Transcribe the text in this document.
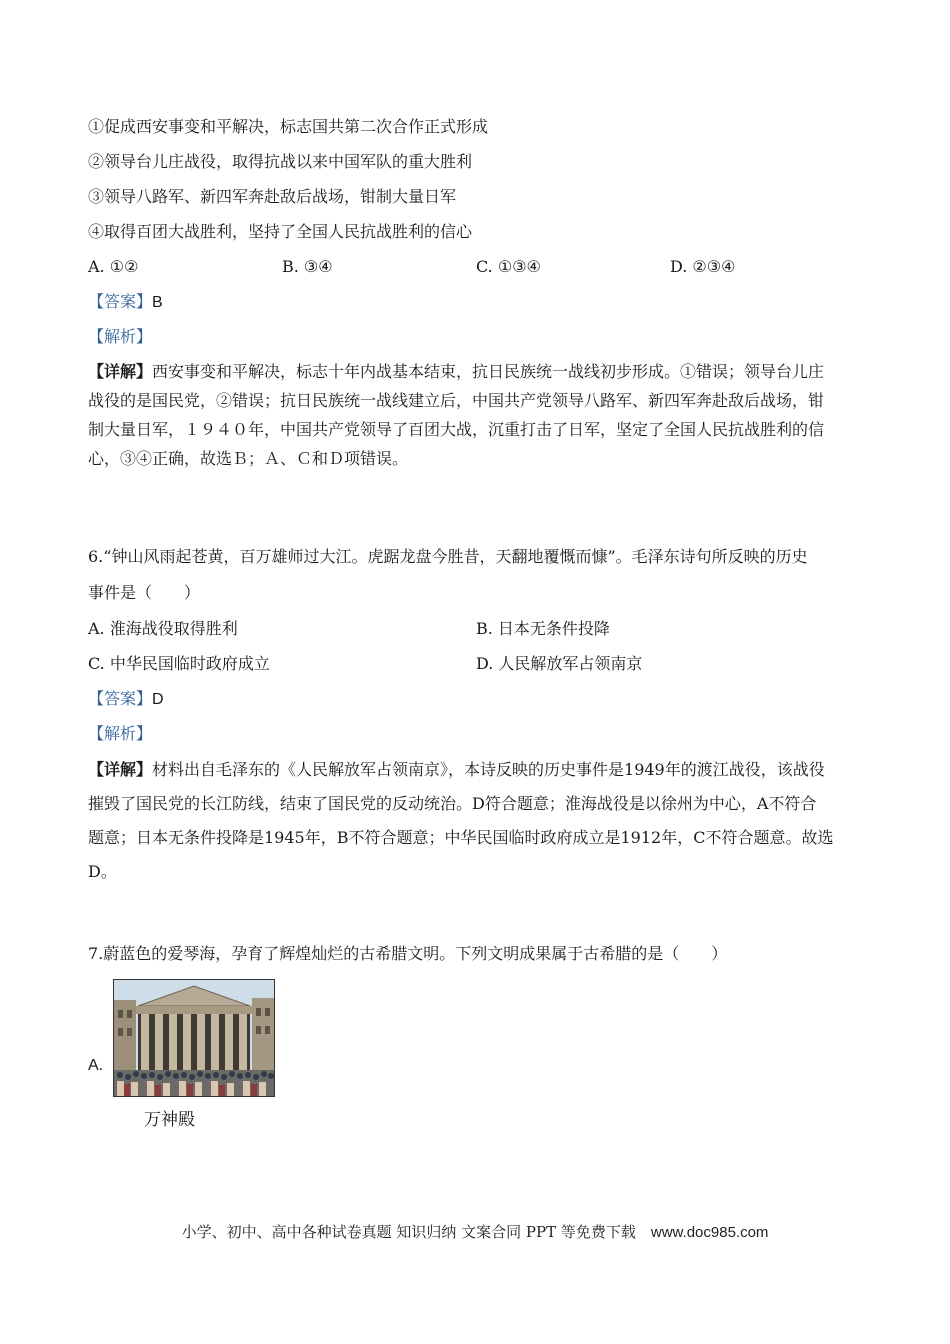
①促成西安事变和平解决，标志国共第二次合作正式形成
②领导台儿庄战役，取得抗战以来中国军队的重大胜利
③领导八路军、新四军奔赴敌后战场，钳制大量日军
④取得百团大战胜利，坚持了全国人民抗战胜利的信心
A. ①②	B. ③④	C. ①③④	D. ②③④
【答案】B
【解析】
【详解】西安事变和平解决，标志十年内战基本结束，抗日民族统一战线初步形成。①错误；领导台儿庄
战役的是国民党，②错误；抗日民族统一战线建立后，中国共产党领导八路军、新四军奔赴敌后战场，钳
制大量日军，１９４０年，中国共产党领导了百团大战，沉重打击了日军，坚定了全国人民抗战胜利的信
心，③④正确，故选Ｂ；Ａ、Ｃ和Ｄ项错误。
6.“钟山风雨起苍黄，百万雄师过大江。虎踞龙盘今胜昔，天翻地覆慨而慷”。毛泽东诗句所反映的历史
事件是（　　）
A. 淮海战役取得胜利	B. 日本无条件投降
C. 中华民国临时政府成立	D. 人民解放军占领南京
【答案】D
【解析】
【详解】材料出自毛泽东的《人民解放军占领南京》，本诗反映的历史事件是1949年的渡江战役，该战役
摧毁了国民党的长江防线，结束了国民党的反动统治。D符合题意；淮海战役是以徐州为中心，A不符合
题意；日本无条件投降是1945年，B不符合题意；中华民国临时政府成立是1912年，C不符合题意。故选
D。
7.蔚蓝色的爱琴海，孕育了辉煌灿烂的古希腊文明。下列文明成果属于古希腊的是（　　）
A.
万神殿
小学、初中、高中各种试卷真题 知识归纳 文案合同 PPT 等免费下载　www.doc985.com
